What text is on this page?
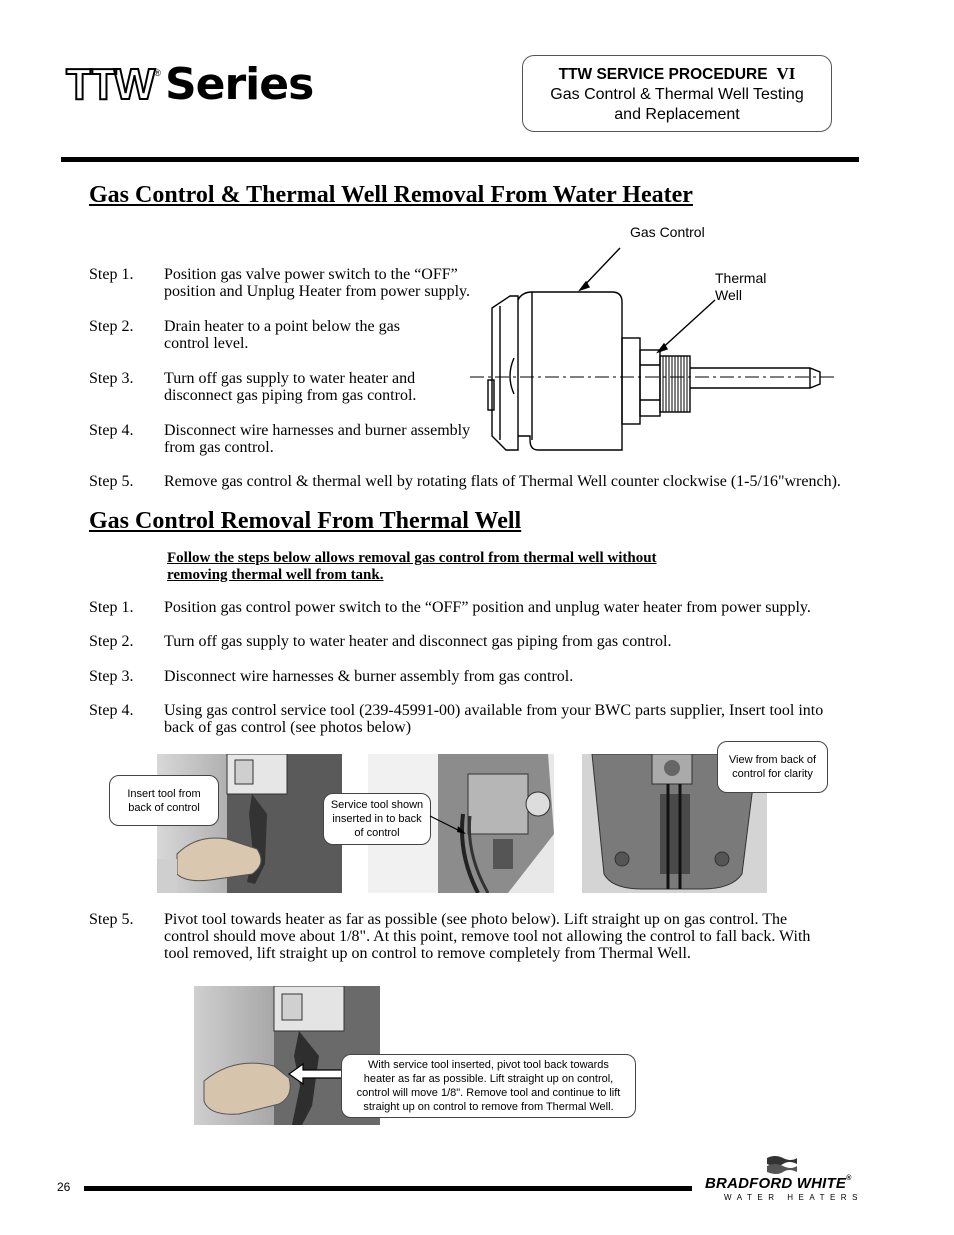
TTW ® Series	TTW SERVICE PROCEDURE VI
Gas Control & Thermal Well Testing
and Replacement
Gas Control & Thermal Well Removal From Water Heater
Step 1. Position gas valve power switch to the “OFF”
position and Unplug Heater from power supply.
Step 2. Drain heater to a point below the gas
control level.
Step 3. Turn off gas supply to water heater and
disconnect gas piping from gas control.
Step 4. Disconnect wire harnesses and burner assembly
from gas control.
Step 5. Remove gas control & thermal well by rotating flats of Thermal Well counter clockwise (1-5/16"wrench).
Gas Control
Thermal
Well
Gas Control Removal From Thermal Well
Follow the steps below allows removal gas control from thermal well without
removing thermal well from tank.
Step 1. Position gas control power switch to the “OFF” position and unplug water heater from power supply.
Step 2. Turn off gas supply to water heater and disconnect gas piping from gas control.
Step 3. Disconnect wire harnesses & burner assembly from gas control.
Step 4. Using gas control service tool (239-45991-00) available from your BWC parts supplier, Insert tool into
back of gas control (see photos below)
Insert tool from
back of control	Service tool shown
inserted in to back
of control
View from back of
control for clarity
Step 5. Pivot tool towards heater as far as possible (see photo below). Lift straight up on gas control. The
control should move about 1/8". At this point, remove tool not allowing the control to fall back. With
tool removed, lift straight up on control to remove completely from Thermal Well.
With service tool inserted, pivot tool back towards
heater as far as possible. Lift straight up on control,
control will move 1/8". Remove tool and continue to lift
straight up on control to remove from Thermal Well.
26	BRADFORD WHITE®
WATER HEATERS
